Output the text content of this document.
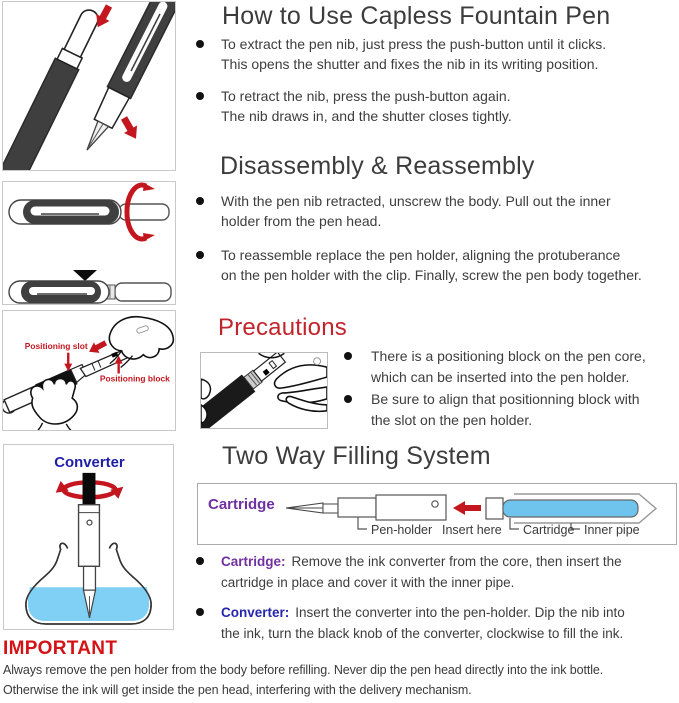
Positioning slot
Positioning block
Converter
How to Use Capless Fountain Pen
To extract the pen nib, just press the push-button until it clicks.
This opens the shutter and fixes the nib in its writing position.
To retract the nib, press the push-button again.
The nib draws in, and the shutter closes tightly.
Disassembly & Reassembly
With the pen nib retracted, unscrew the body. Pull out the inner
holder from the pen head.
To reassemble replace the pen holder, aligning the protuberance
on the pen holder with the clip. Finally, screw the pen body together.
Precautions
There is a positioning block on the pen core,
which can be inserted into the pen holder.
Be sure to align that positionning block with
the slot on the pen holder.
Two Way Filling System
Cartridge
Pen-holder Insert here Cartridge Inner pipe
Cartridge: Remove the ink converter from the core, then insert the
cartridge in place and cover it with the inner pipe.
Converter: Insert the converter into the pen-holder. Dip the nib into
the ink, turn the black knob of the converter, clockwise to fill the ink.
IMPORTANT
Always remove the pen holder from the body before refilling. Never dip the pen head directly into the ink bottle.
Otherwise the ink will get inside the pen head, interfering with the delivery mechanism.
